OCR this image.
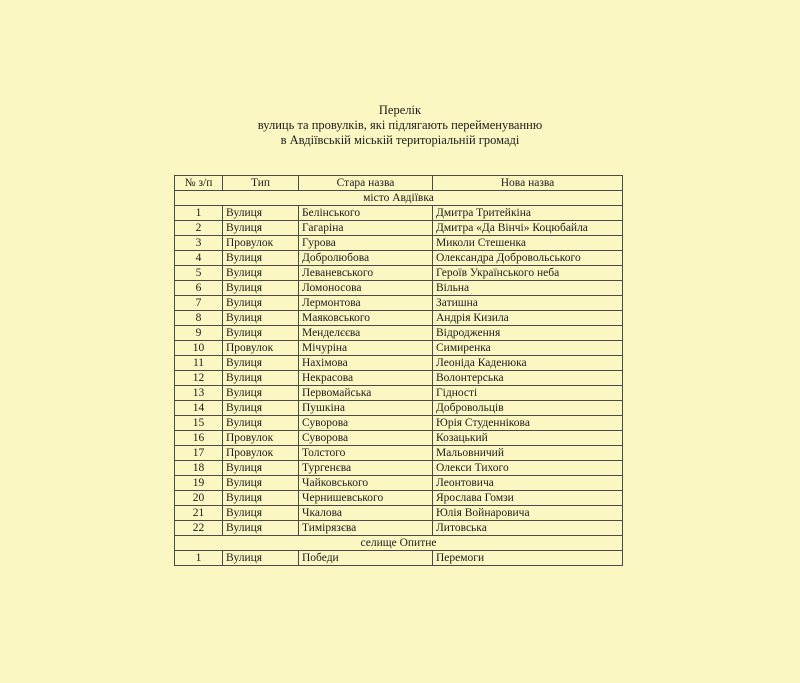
Перелік
вулиць та провулків, які підлягають перейменуванню
в Авдіївській міській територіальній громаді
№ з/п	Тип	Стара назва	Нова назва
місто Авдіївка			
1	Вулиця	Белінського	Дмитра Тритейкіна
2	Вулиця	Гагаріна	Дмитра «Да Вінчі» Коцюбайла
3	Провулок	Гурова	Миколи Стешенка
4	Вулиця	Добролюбова	Олександра Добровольського
5	Вулиця	Леваневського	Героїв Українського неба
6	Вулиця	Ломоносова	Вільна
7	Вулиця	Лермонтова	Затишна
8	Вулиця	Маяковського	Андрія Кизила
9	Вулиця	Менделєєва	Відродження
10	Провулок	Мічуріна	Симиренка
11	Вулиця	Нахімова	Леоніда Каденюка
12	Вулиця	Некрасова	Волонтерська
13	Вулиця	Первомайська	Гідності
14	Вулиця	Пушкіна	Добровольців
15	Вулиця	Суворова	Юрія Студеннікова
16	Провулок	Суворова	Козацький
17	Провулок	Толстого	Мальовничий
18	Вулиця	Тургенєва	Олекси Тихого
19	Вулиця	Чайковського	Леонтовича
20	Вулиця	Чернишевського	Ярослава Гомзи
21	Вулиця	Чкалова	Юлія Войнаровича
22	Вулиця	Тимірязєва	Литовська
селище Опитне			
1	Вулиця	Победи	Перемоги
